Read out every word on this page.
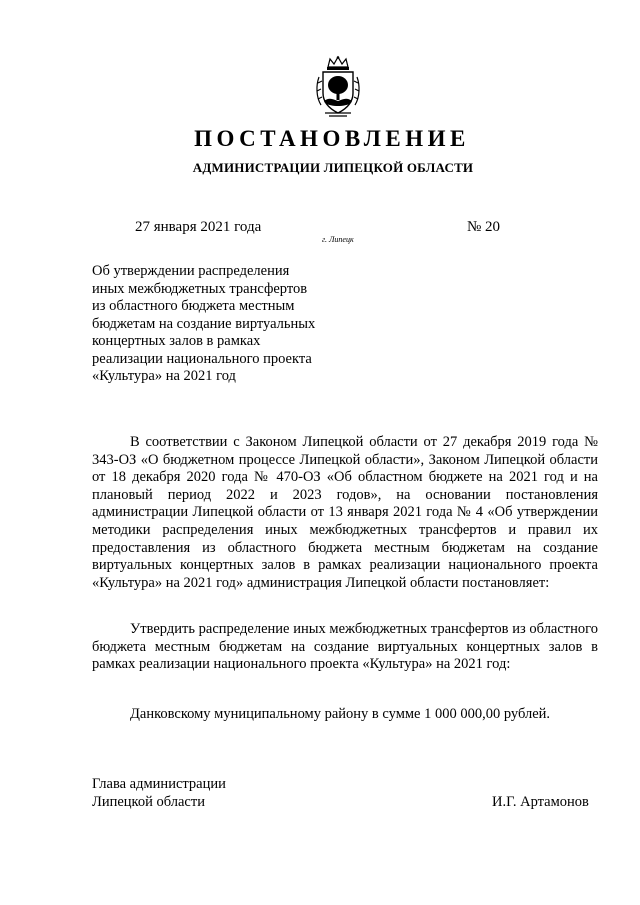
ПОСТАНОВЛЕНИЕ
АДМИНИСТРАЦИИ ЛИПЕЦКОЙ ОБЛАСТИ
27 января 2021 года
г. Липецк
№ 20
Об утверждении распределения
иных межбюджетных трансфертов
из областного бюджета местным
бюджетам на создание виртуальных
концертных залов в рамках
реализации национального проекта
«Культура» на 2021 год

В соответствии с Законом Липецкой области от 27 декабря 2019 года № 343-ОЗ «О бюджетном процессе Липецкой области», Законом Липецкой области от 18 декабря 2020 года № 470-ОЗ «Об областном бюджете на 2021 год и на плановый период 2022 и 2023 годов», на основании постановления администрации Липецкой области от 13 января 2021 года № 4 «Об утверждении методики распределения иных межбюджетных трансфертов и правил их предоставления из областного бюджета местным бюджетам на создание виртуальных концертных залов в рамках реализации национального проекта «Культура» на 2021 год» администрация Липецкой области постановляет:

Утвердить распределение иных межбюджетных трансфертов из областного бюджета местным бюджетам на создание виртуальных концертных залов в рамках реализации национального проекта «Культура» на 2021 год:

Данковскому муниципальному району в сумме 1 000 000,00 рублей.

Глава администрации
Липецкой области	И.Г. Артамонов
